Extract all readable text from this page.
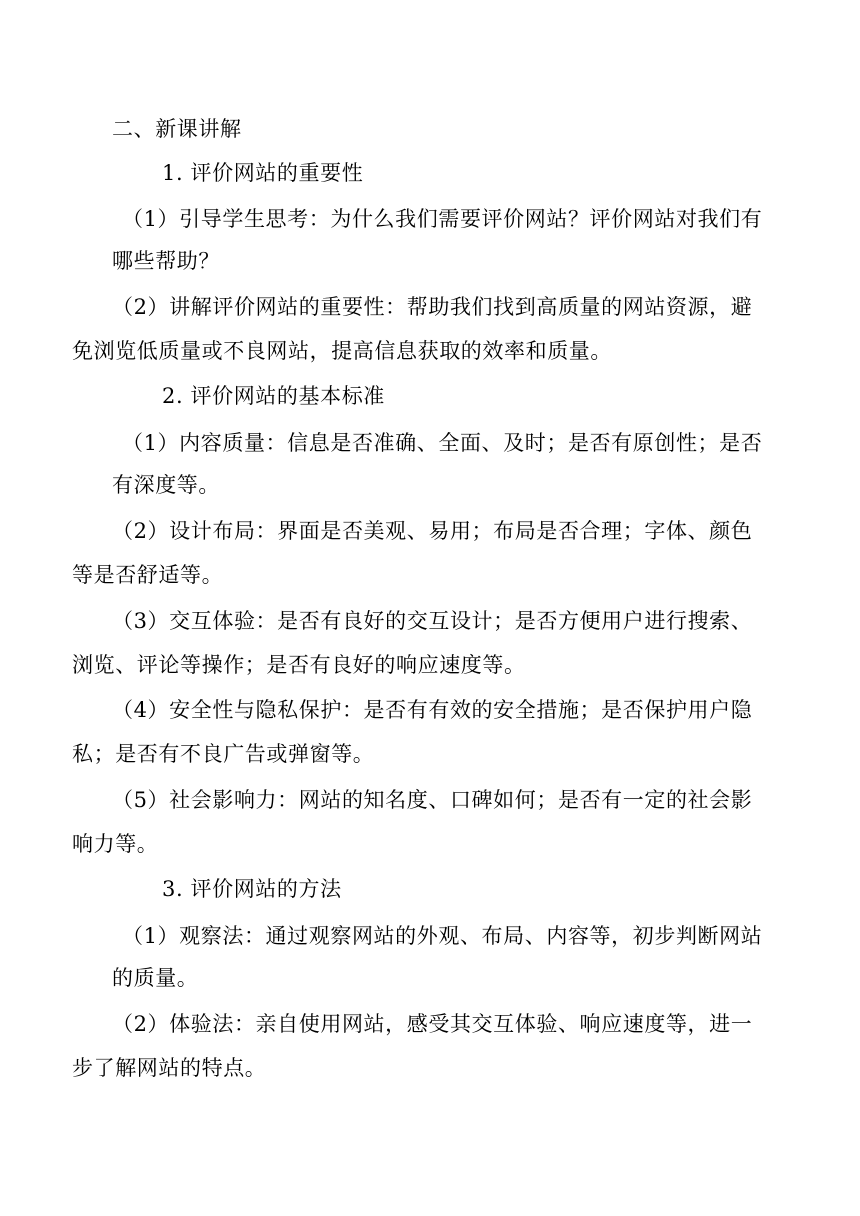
二、新课讲解
1. 评价网站的重要性
（1）引导学生思考：为什么我们需要评价网站？评价网站对我们有
哪些帮助？
（2）讲解评价网站的重要性：帮助我们找到高质量的网站资源，避
免浏览低质量或不良网站，提高信息获取的效率和质量。
2. 评价网站的基本标准
（1）内容质量：信息是否准确、全面、及时；是否有原创性；是否
有深度等。
（2）设计布局：界面是否美观、易用；布局是否合理；字体、颜色
等是否舒适等。
（3）交互体验：是否有良好的交互设计；是否方便用户进行搜索、
浏览、评论等操作；是否有良好的响应速度等。
（4）安全性与隐私保护：是否有有效的安全措施；是否保护用户隐
私；是否有不良广告或弹窗等。
（5）社会影响力：网站的知名度、口碑如何；是否有一定的社会影
响力等。
3. 评价网站的方法
（1）观察法：通过观察网站的外观、布局、内容等，初步判断网站
的质量。
（2）体验法：亲自使用网站，感受其交互体验、响应速度等，进一
步了解网站的特点。
